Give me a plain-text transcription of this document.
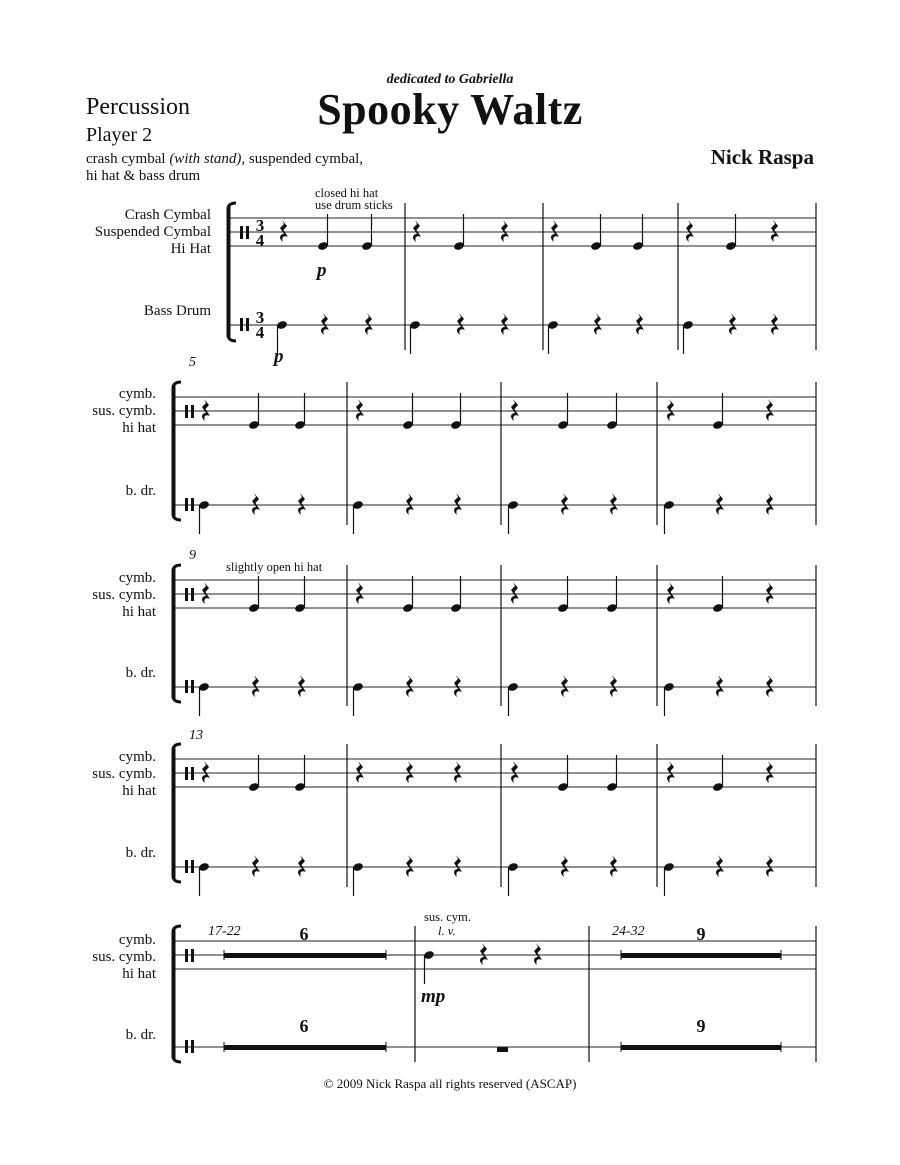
dedicated to Gabriella
Spooky Waltz
Percussion
Player 2
crash cymbal (with stand), suspended cymbal,
hi hat & bass drum
Nick Raspa
3
4
3
4
Crash Cymbal
Suspended Cymbal
Hi Hat
Bass Drum
closed hi hat
use drum sticks
p
p
5
cymb.
sus. cymb.
hi hat
b. dr.
9
slightly open hi hat
cymb.
sus. cymb.
hi hat
b. dr.
13
cymb.
sus. cymb.
hi hat
b. dr.
cymb.
sus. cymb.
hi hat
b. dr.
17-22	6
6
sus. cym.
l. v.
mp
24-32	9
9
© 2009 Nick Raspa all rights reserved (ASCAP)
